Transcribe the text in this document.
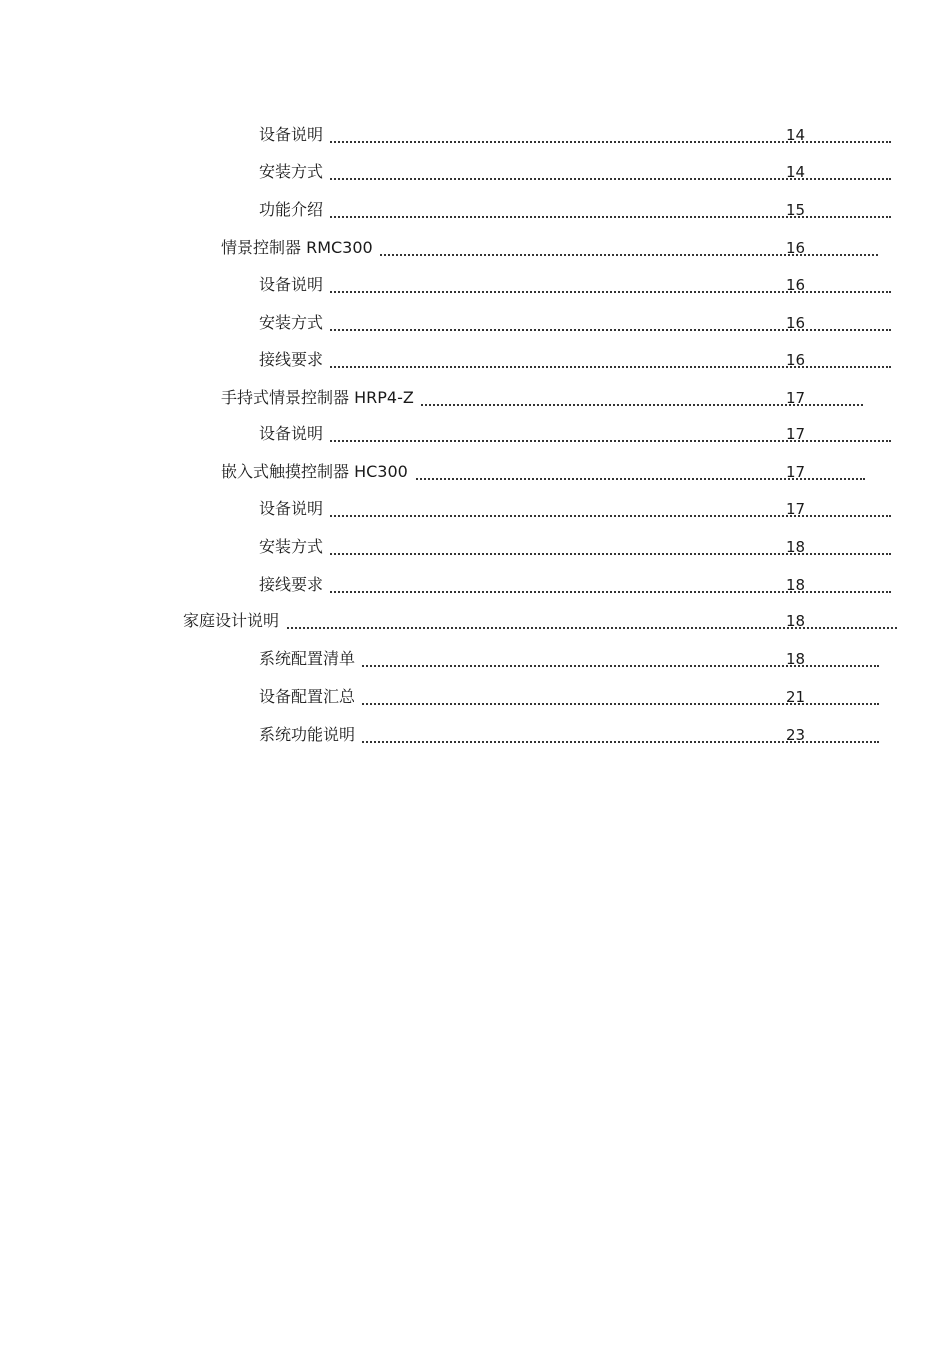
设备说明	14
安装方式	14
功能介绍	15
情景控制器 RMC300	16
设备说明	16
安装方式	16
接线要求	16
手持式情景控制器 HRP4-Z	17
设备说明	17
嵌入式触摸控制器 HC300	17
设备说明	17
安装方式	18
接线要求	18
家庭设计说明	18
系统配置清单	18
设备配置汇总	21
系统功能说明	23
